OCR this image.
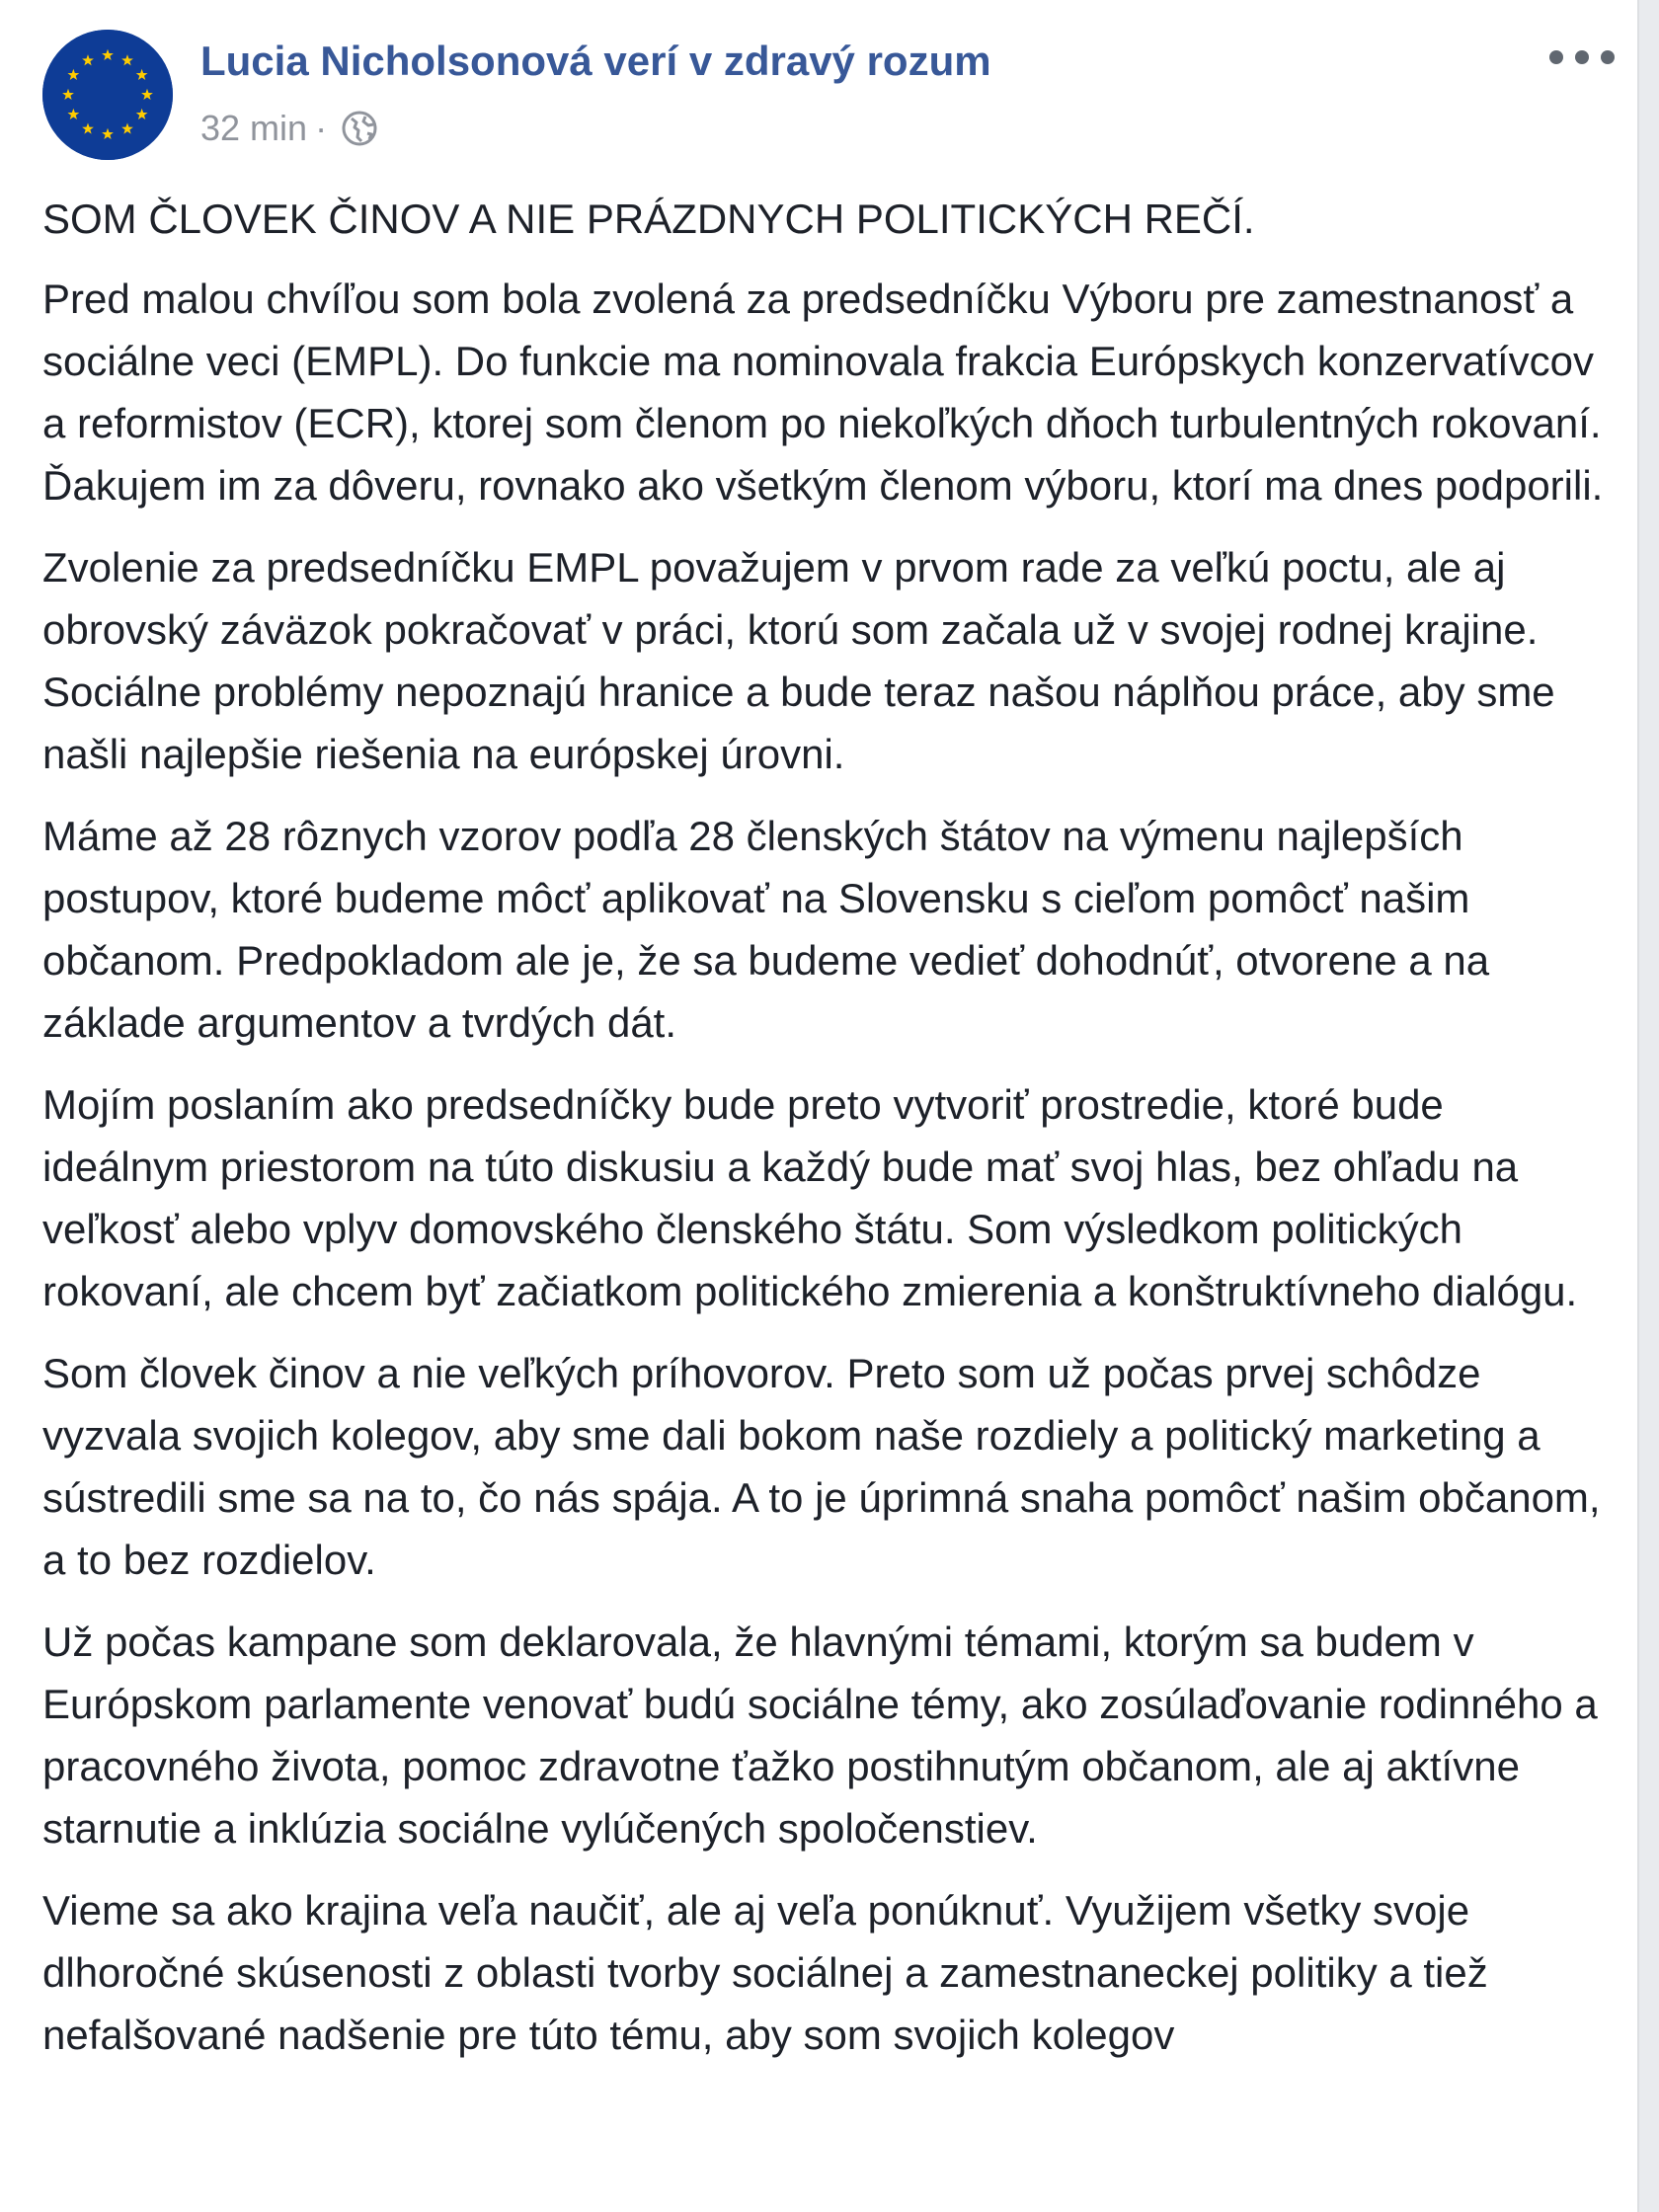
Lucia Nicholsonová verí v zdravý rozum
32 min ·

SOM ČLOVEK ČINOV A NIE PRÁZDNYCH POLITICKÝCH REČÍ.

Pred malou chvíľou som bola zvolená za predsedníčku Výboru pre zamestnanosť a sociálne veci (EMPL). Do funkcie ma nominovala frakcia Európskych konzervatívcov a reformistov (ECR), ktorej som členom po niekoľkých dňoch turbulentných rokovaní. Ďakujem im za dôveru, rovnako ako všetkým členom výboru, ktorí ma dnes podporili.

Zvolenie za predsedníčku EMPL považujem v prvom rade za veľkú poctu, ale aj obrovský záväzok pokračovať v práci, ktorú som začala už v svojej rodnej krajine. Sociálne problémy nepoznajú hranice a bude teraz našou náplňou práce, aby sme našli najlepšie riešenia na európskej úrovni.

Máme až 28 rôznych vzorov podľa 28 členských štátov na výmenu najlepších postupov, ktoré budeme môcť aplikovať na Slovensku s cieľom pomôcť našim občanom. Predpokladom ale je, že sa budeme vedieť dohodnúť, otvorene a na základe argumentov a tvrdých dát.

Mojím poslaním ako predsedníčky bude preto vytvoriť prostredie, ktoré bude ideálnym priestorom na túto diskusiu a každý bude mať svoj hlas, bez ohľadu na veľkosť alebo vplyv domovského členského štátu. Som výsledkom politických rokovaní, ale chcem byť začiatkom politického zmierenia a konštruktívneho dialógu.

Som človek činov a nie veľkých príhovorov. Preto som už počas prvej schôdze vyzvala svojich kolegov, aby sme dali bokom naše rozdiely a politický marketing a sústredili sme sa na to, čo nás spája. A to je úprimná snaha pomôcť našim občanom, a to bez rozdielov.

Už počas kampane som deklarovala, že hlavnými témami, ktorým sa budem v Európskom parlamente venovať budú sociálne témy, ako zosúlaďovanie rodinného a pracovného života, pomoc zdravotne ťažko postihnutým občanom, ale aj aktívne starnutie a inklúzia sociálne vylúčených spoločenstiev.

Vieme sa ako krajina veľa naučiť, ale aj veľa ponúknuť. Využijem všetky svoje dlhoročné skúsenosti z oblasti tvorby sociálnej a zamestnaneckej politiky a tiež nefalšované nadšenie pre túto tému, aby som svojich kolegov
